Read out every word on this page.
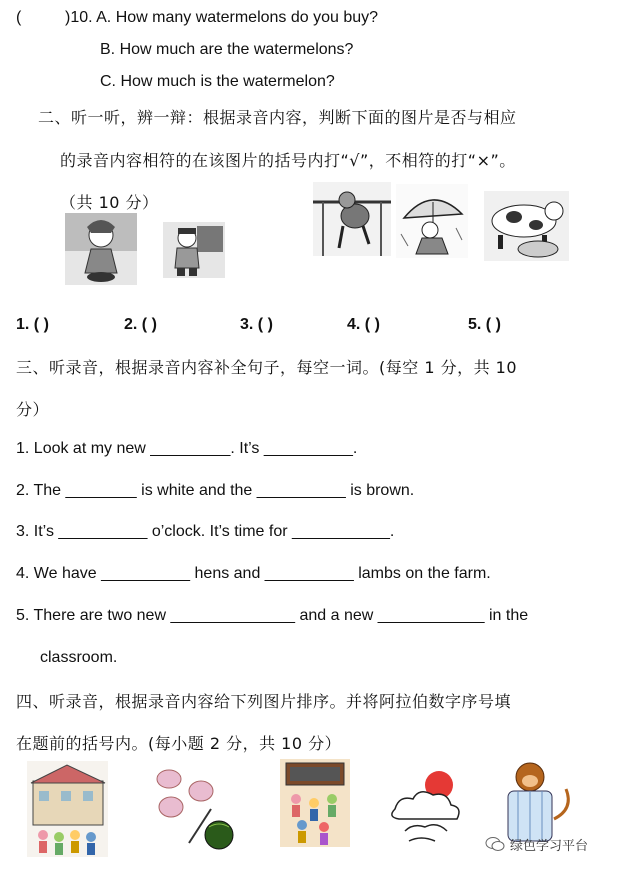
(	)10. A. How many watermelons do you buy?
B. How much are the watermelons?
C. How much is the watermelon?
二、听一听，辨一辩：根据录音内容，判断下面的图片是否与相应
的录音内容相符的在该图片的括号内打“√”，不相符的打“×”。
（共 10 分）
1. ( )	2. ( )	3. ( )	4. ( )	5. ( )
三、听录音，根据录音内容补全句子，每空一词。(每空 1 分，共 10
分）
1. Look at my new _________. It’s __________.
2. The ________ is white and the __________ is brown.
3. It’s __________ o’clock. It’s time for ___________.
4. We have __________ hens and __________ lambs on the farm.
5. There are two new ______________ and a new ____________ in the
classroom.
四、听录音，根据录音内容给下列图片排序。并将阿拉伯数字序号填
在题前的括号内。(每小题 2 分，共 10 分）
绿色学习平台
